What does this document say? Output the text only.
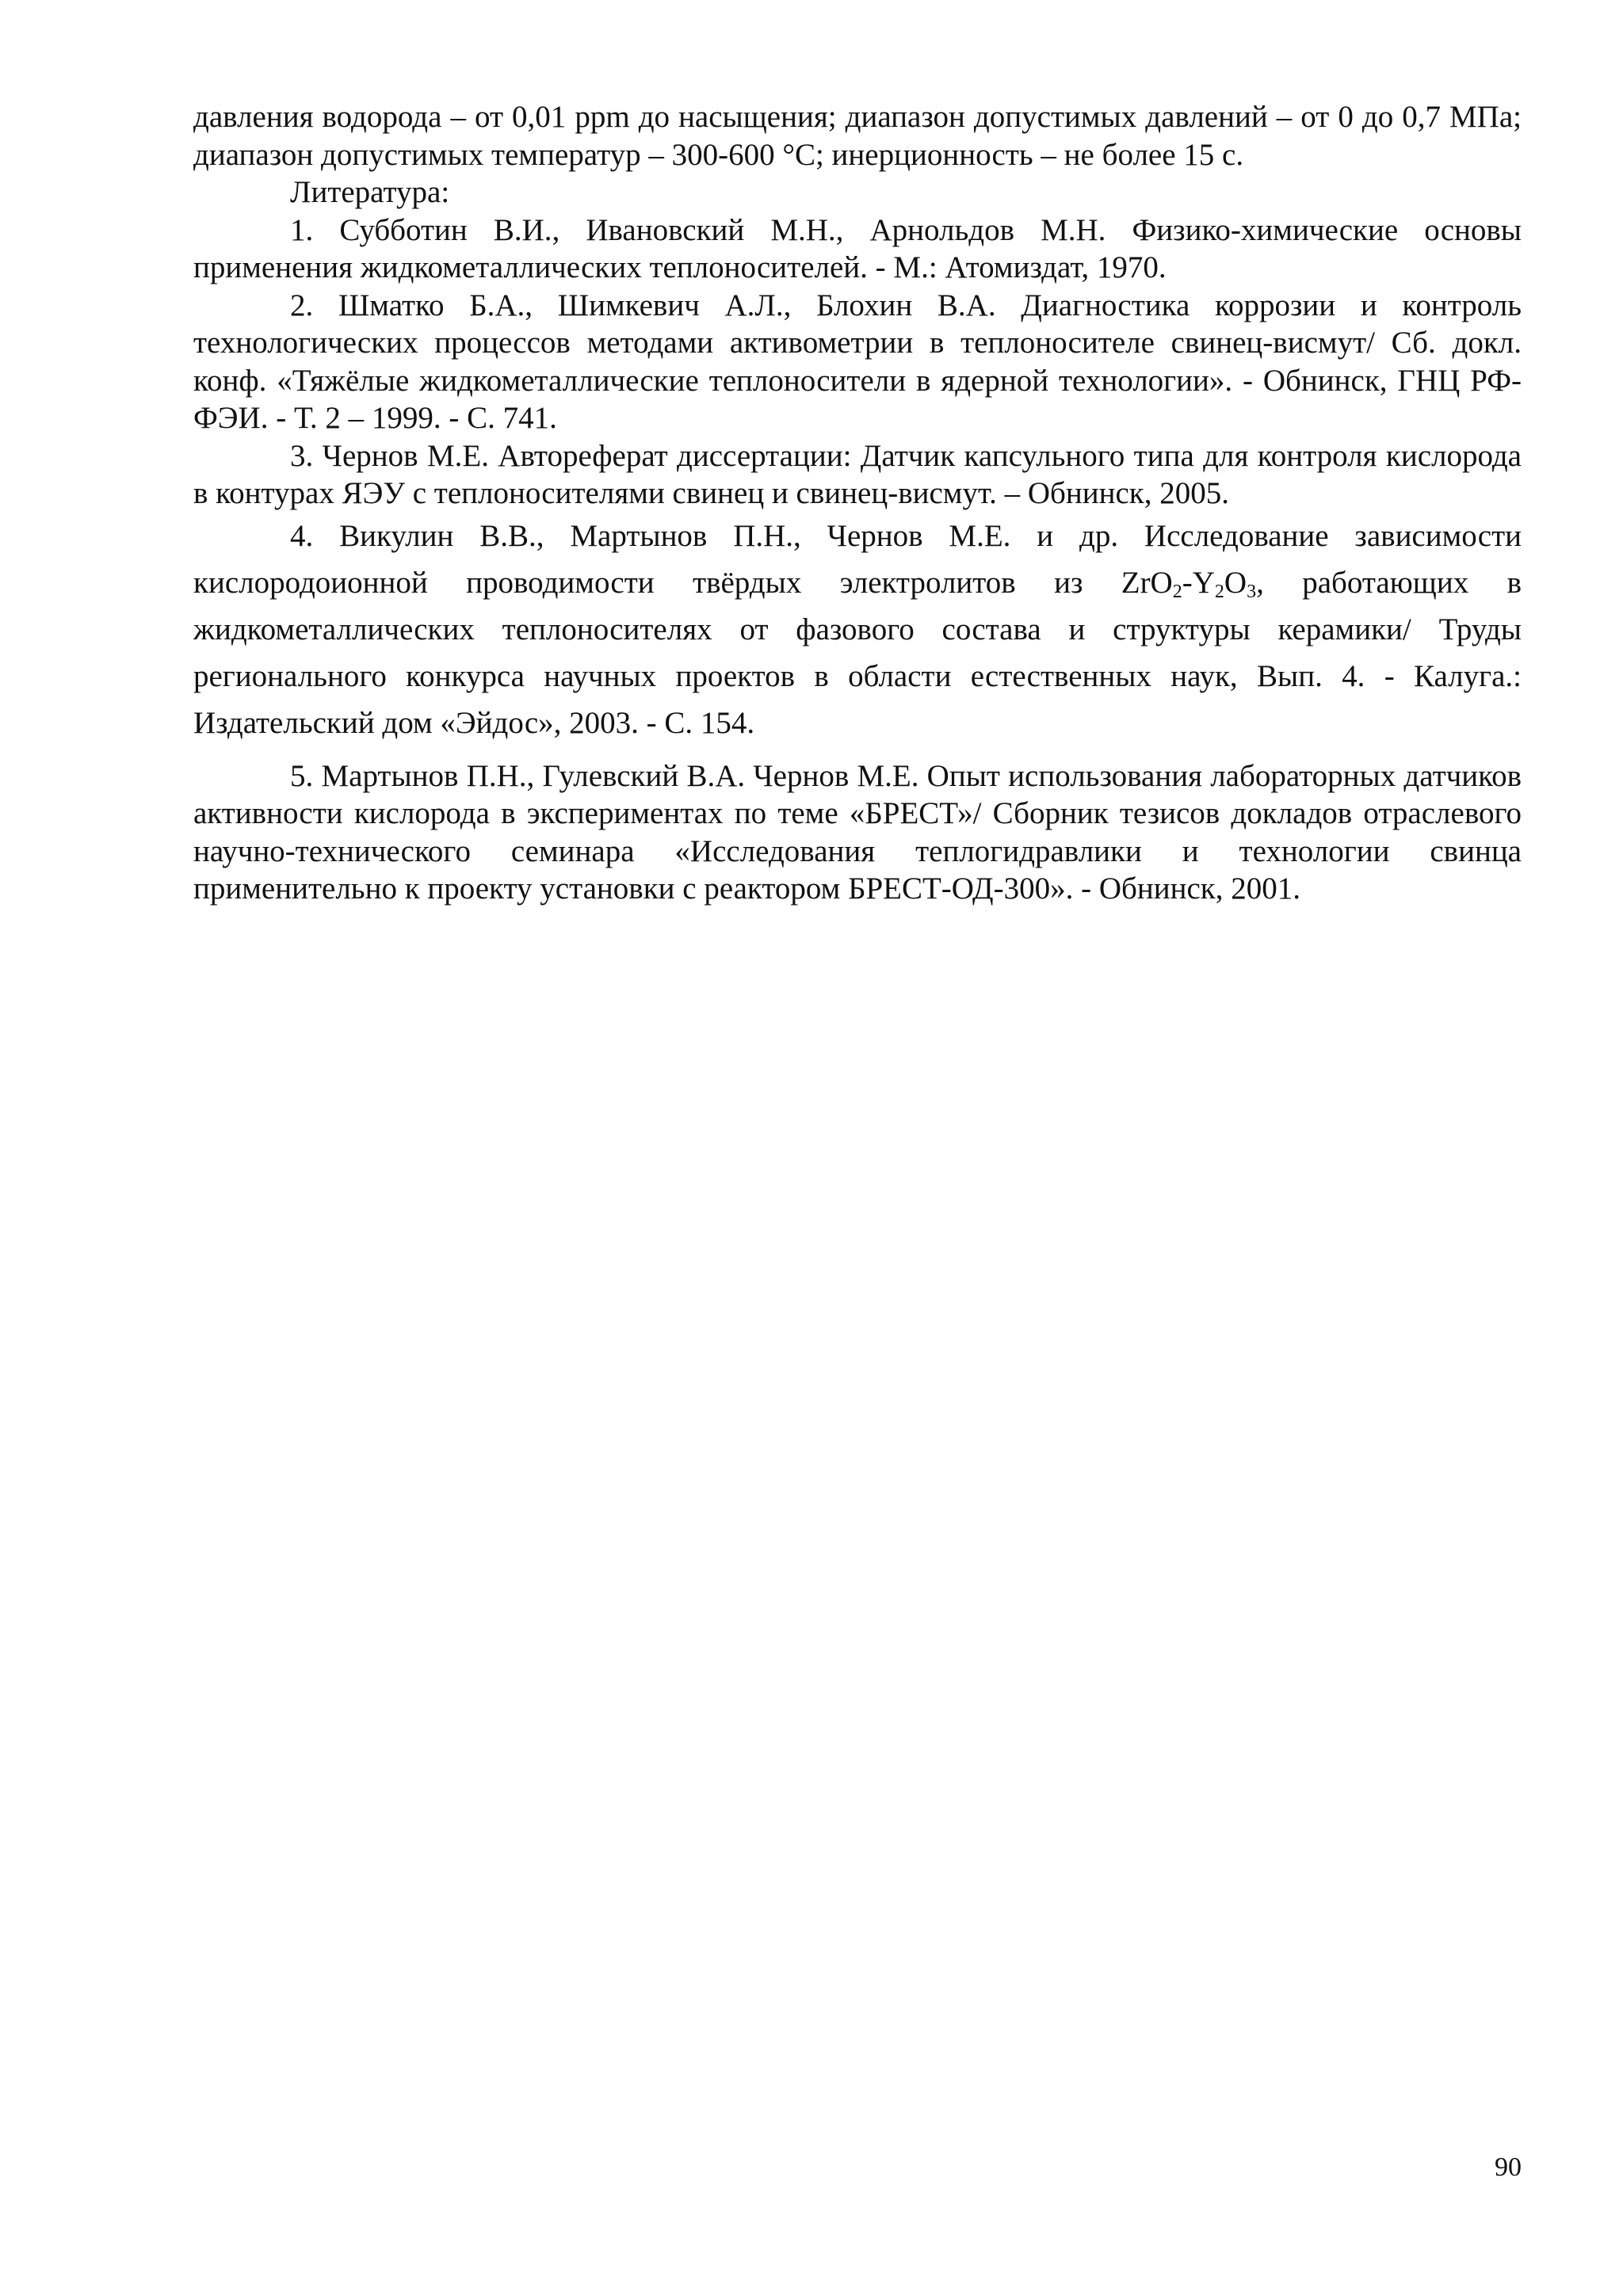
давления водорода – от 0,01 ppm до насыщения; диапазон допустимых давлений – от 0 до 0,7 МПа; диапазон допустимых температур – 300-600 °С; инерционность – не более 15 с.

Литература:

1. Субботин В.И., Ивановский М.Н., Арнольдов М.Н. Физико-химические основы применения жидкометаллических теплоносителей. - М.: Атомиздат, 1970.

2. Шматко Б.А., Шимкевич А.Л., Блохин В.А. Диагностика коррозии и контроль технологических процессов методами активометрии в теплоносителе свинец-висмут/ Сб. докл. конф. «Тяжёлые жидкометаллические теплоносители в ядерной технологии». - Обнинск, ГНЦ РФ-ФЭИ. - Т. 2 – 1999. - С. 741.

3. Чернов М.Е. Автореферат диссертации: Датчик капсульного типа для контроля кислорода в контурах ЯЭУ с теплоносителями свинец и свинец-висмут. – Обнинск, 2005.

4. Викулин В.В., Мартынов П.Н., Чернов М.Е. и др. Исследование зависимости кислородоионной проводимости твёрдых электролитов из $ZrO_2-Y_2O_3$, работающих в жидкометаллических теплоносителях от фазового состава и структуры керамики/ Труды регионального конкурса научных проектов в области естественных наук, Вып. 4. - Калуга.: Издательский дом «Эйдос», 2003. - С. 154.

5. Мартынов П.Н., Гулевский В.А. Чернов М.Е. Опыт использования лабораторных датчиков активности кислорода в экспериментах по теме «БРЕСТ»/ Сборник тезисов докладов отраслевого научно-технического семинара «Исследования теплогидравлики и технологии свинца применительно к проекту установки с реактором БРЕСТ-ОД-300». - Обнинск, 2001.

90
